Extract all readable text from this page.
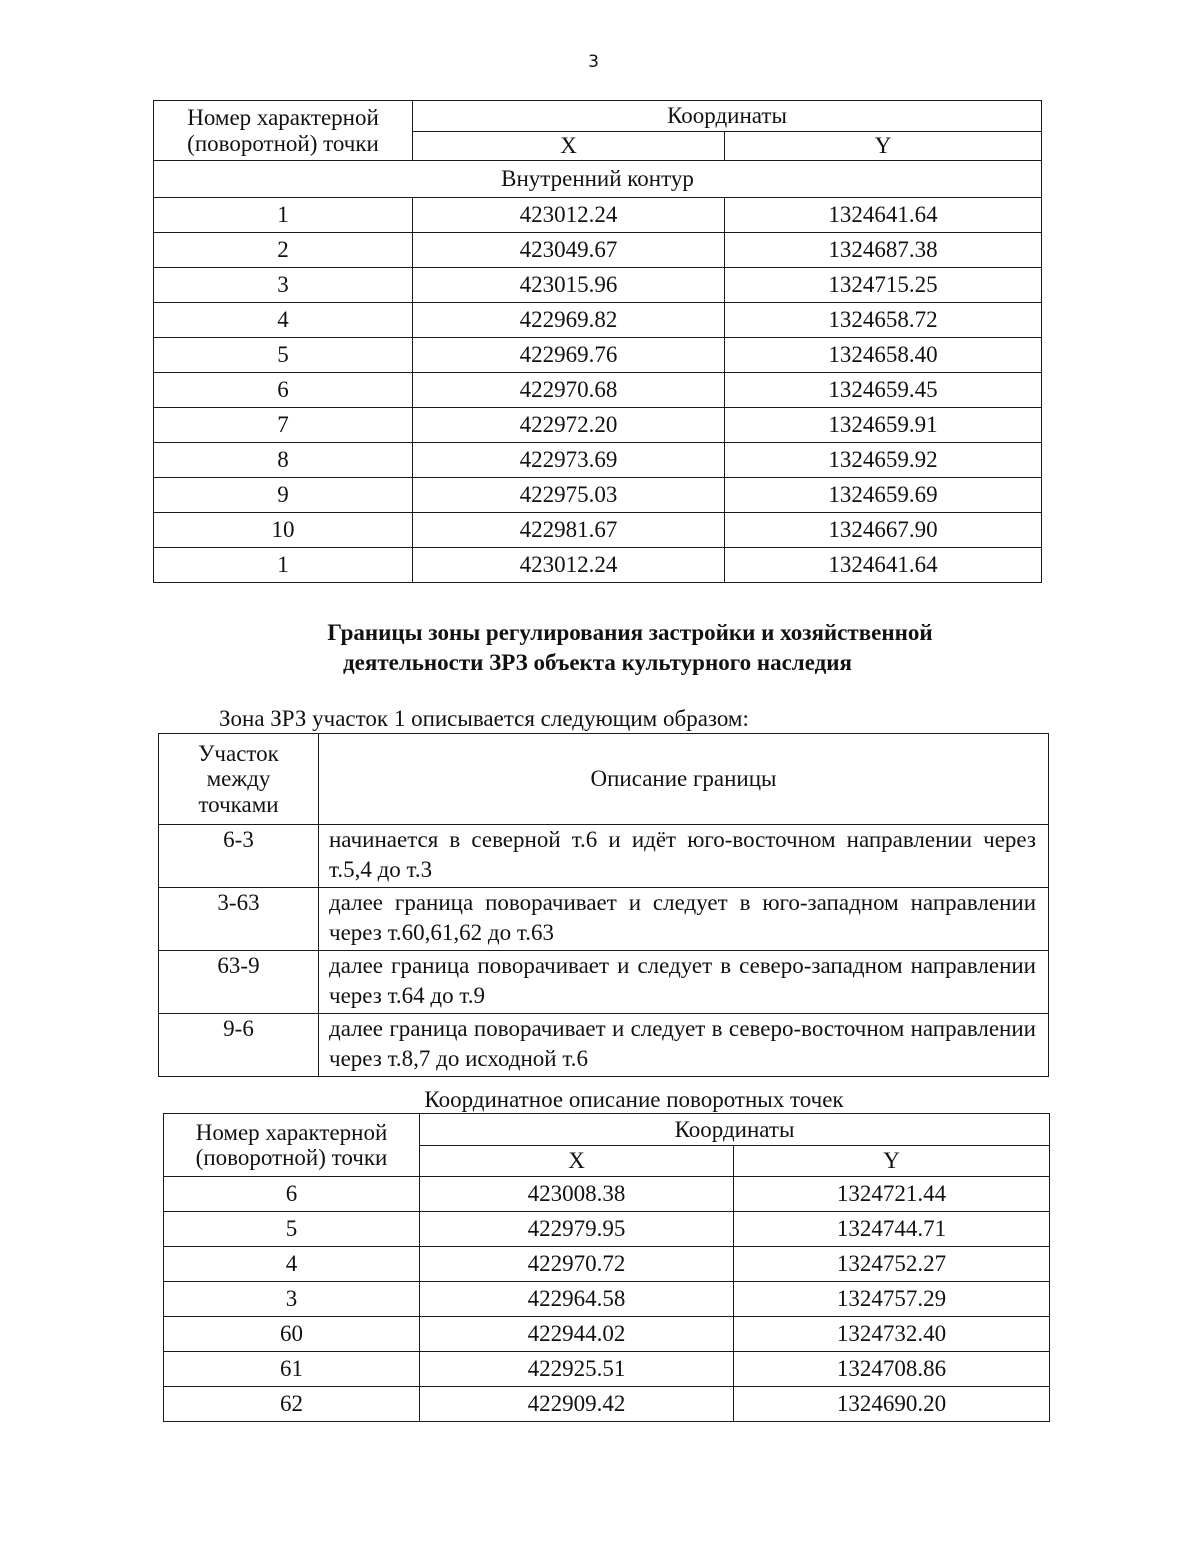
3
Номер характерной (поворотной) точки	Координаты	
	X	Y
Внутренний контур		
1	423012.24	1324641.64
2	423049.67	1324687.38
3	423015.96	1324715.25
4	422969.82	1324658.72
5	422969.76	1324658.40
6	422970.68	1324659.45
7	422972.20	1324659.91
8	422973.69	1324659.92
9	422975.03	1324659.69
10	422981.67	1324667.90
1	423012.24	1324641.64
Границы зоны регулирования застройки и хозяйственной
деятельности ЗРЗ объекта культурного наследия
Зона ЗРЗ участок 1 описывается следующим образом:
Участок между точками	Описание границы
6-3	начинается в северной т.6 и идёт юго-восточном направлении через т.5,4 до т.3
3-63	далее граница поворачивает и следует в юго-западном направлении через т.60,61,62 до т.63
63-9	далее граница поворачивает и следует в северо-западном направлении через т.64 до т.9
9-6	далее граница поворачивает и следует в северо-восточном направлении через т.8,7 до исходной т.6
Координатное описание поворотных точек
Номер характерной (поворотной) точки	Координаты	
	X	Y
6	423008.38	1324721.44
5	422979.95	1324744.71
4	422970.72	1324752.27
3	422964.58	1324757.29
60	422944.02	1324732.40
61	422925.51	1324708.86
62	422909.42	1324690.20
